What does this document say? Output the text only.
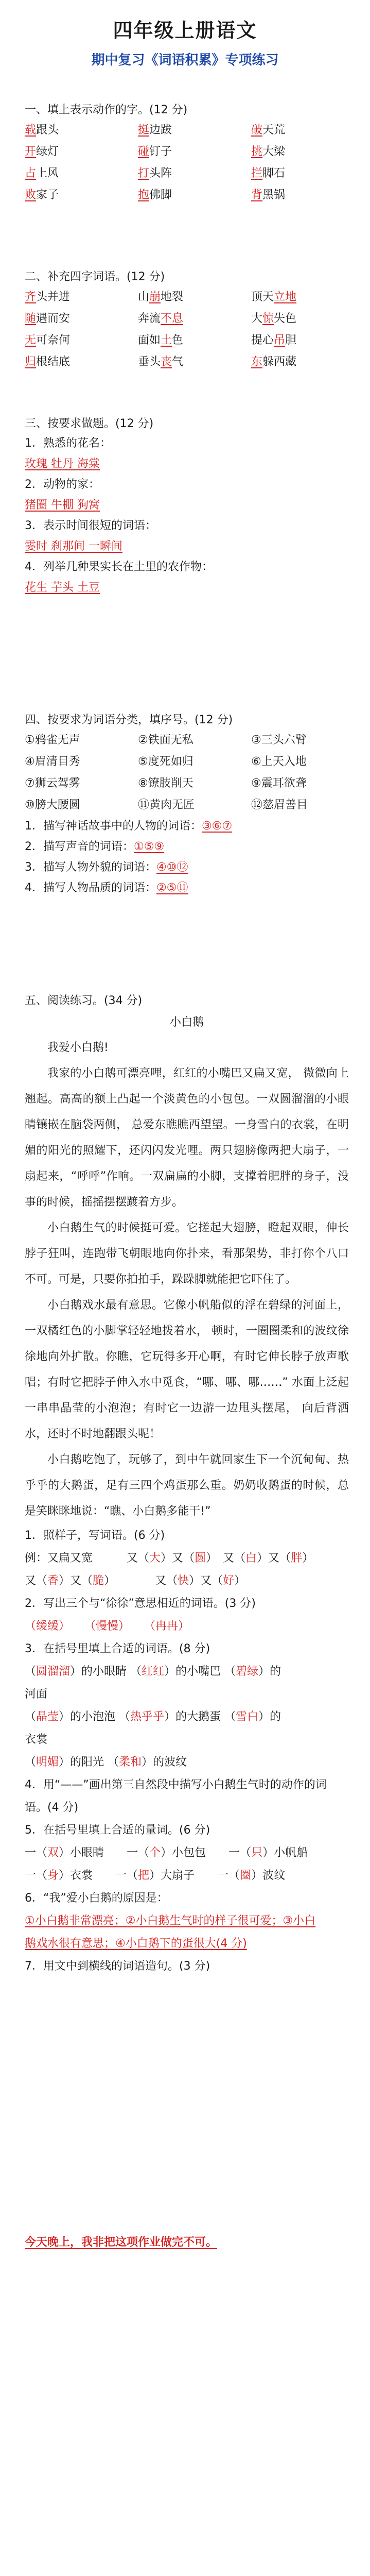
四年级上册语文
期中复习《词语积累》专项练习
一、填上表示动作的字。(12 分)
载跟头	挺边跋	破天荒
开绿灯	碰钉子	挑大梁
占上风	打头阵	拦脚石
败家子	抱佛脚	背黑锅
二、补充四字词语。(12 分)
齐头并进	山崩地裂	顶天立地
随遇而安	奔流不息	大惊失色
无可奈何	面如土色	提心吊胆
归根结底	垂头丧气	东躲西藏
三、按要求做题。(12 分)
1．熟悉的花名：
玫瑰 牡丹 海棠
2．动物的家：
猪圈 牛棚 狗窝
3．表示时间很短的词语：
霎时 刹那间 一瞬间
4．列举几种果实长在土里的农作物：
花生 芋头 土豆
四、按要求为词语分类，填序号。(12 分)
①鸦雀无声	②铁面无私	③三头六臂
④眉清目秀	⑤度死如归	⑥上天入地
⑦狮云驾雾	⑧镣肢削天	⑨震耳欲聋
⑩膀大腰圆	⑪黄肉无匠	⑫慈眉善目
1．描写神话故事中的人物的词语：③⑥⑦
2．描写声音的词语：①⑤⑨
3．描写人物外貌的词语：④⑩⑫
4．描写人物品质的词语：②⑤⑪
五、阅读练习。(34 分)
小白鹅
我爱小白鹅!
我家的小白鹅可漂亮哩，红红的小嘴巴又扁又宽， 微微向上翘起。高高的额上凸起一个淡黄色的小包包。一双圆溜溜的小眼睛镶嵌在脑袋两侧， 总爱东瞧瞧西望望。一身雪白的衣裳，在明媚的阳光的照耀下，还闪闪发光哩。两只翅膀像两把大扇子，一扇起来，“呼呼”作响。一双扁扁的小脚，支撑着肥胖的身子，没事的时候，摇摇摆摆踱着方步。
小白鹅生气的时候挺可爱。它搓起大翅膀，瞪起双眼，伸长脖子狂叫，连跑带飞朝眼地向你扑来，看那架势，非打你个八口不可。可是，只要你拍拍手，跺跺脚就能把它吓住了。
小白鹅戏水最有意思。它像小帆船似的浮在碧绿的河面上， 一双橘红色的小脚掌轻轻地拨着水， 顿时，一圈圈柔和的波纹徐徐地向外扩散。你瞧，它玩得多开心啊，有时它伸长脖子放声歌唱；有时它把脖子伸入水中觅食，“哪、哪、哪……” 水面上泛起一串串晶莹的小泡泡；有时它一边游一边甩头摆尾， 向后背洒水，还时不时地翻跟头呢！
小白鹅吃饱了，玩够了，到中午就回家生下一个沉甸甸、热乎乎的大鹅蛋，足有三四个鸡蛋那么重。奶奶收鹅蛋的时候，总是笑眯眯地说：“瞧、小白鹅多能干!”
1．照样子，写词语。(6 分)
例：又扁又宽　　　	又（大）又（圆）　 又（白）又（胖）　
又（香）又（脆）　　　　	又（快）又（好）　　　　
2．写出三个与“徐徐”意思相近的词语。(3 分)
（缓缓）    （慢慢）    （冉冉）
3．在括号里填上合适的词语。(8 分)
（圆溜溜）的小眼睛 （红红）的小嘴巴 （碧绿）的
河面
（晶莹）的小泡泡 （热乎乎）的大鹅蛋 （雪白）的
衣裳
（明媚）的阳光 （柔和）的波纹
4．用“——”画出第三自然段中描写小白鹅生气时的动作的词语。(4 分)
5．在括号里填上合适的量词。(6 分)
一（双）小眼睛　　 一（个）小包包　　 一（只）小帆船　　
一（身）衣裳　　 一（把）大扇子　　 一（圈）波纹　　
6．“我”爱小白鹅的原因是：
①小白鹅非常漂亮；②小白鹅生气时的样子很可爱；③小白
鹅戏水很有意思；④小白鹅下的蛋很大(4 分)
7．用文中到横线的词语造句。(3 分)
今天晚上，我非把这项作业做完不可。
